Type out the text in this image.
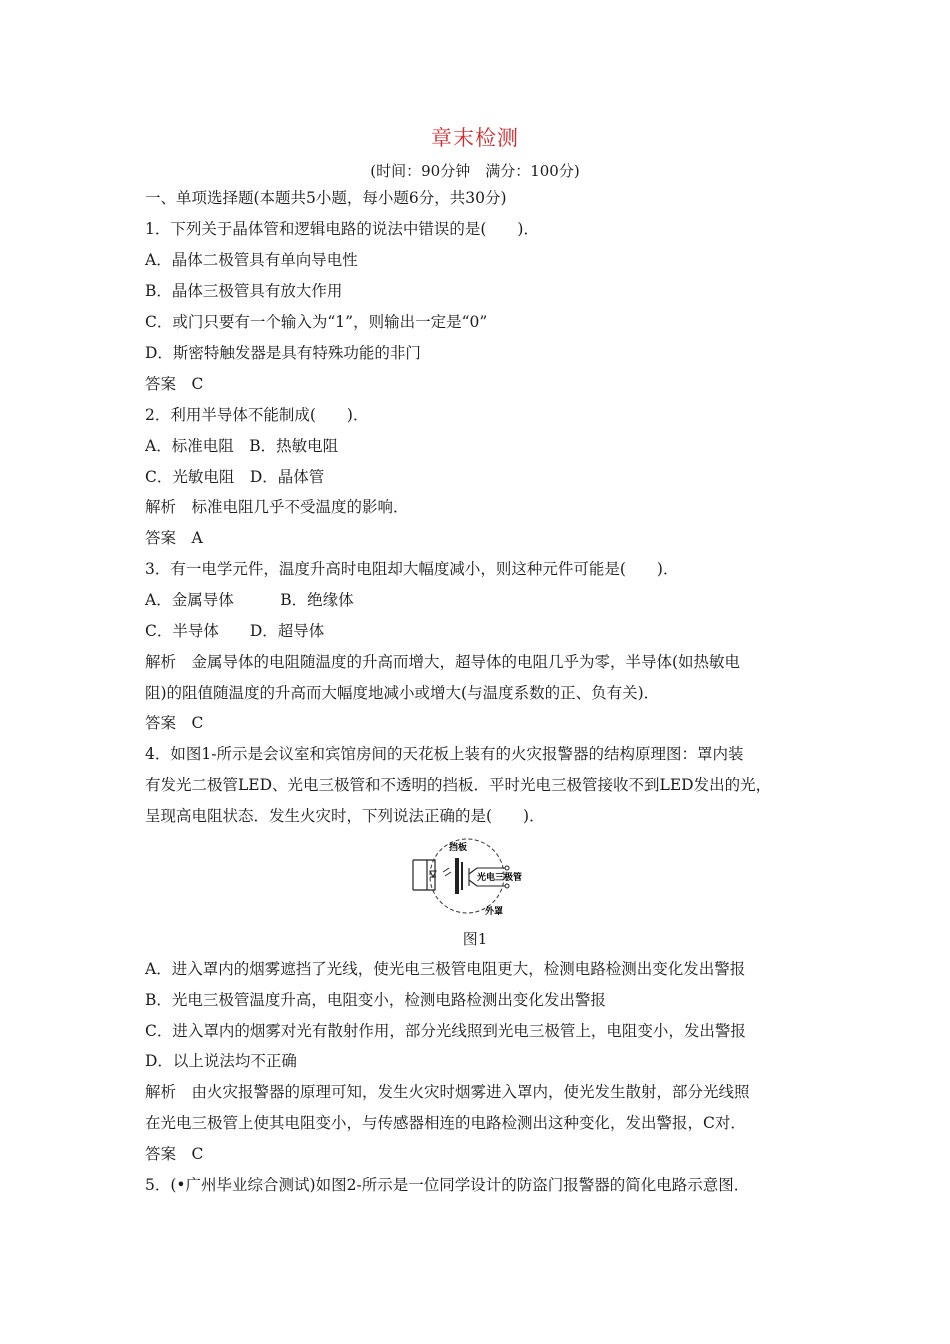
章末检测
(时间：90分钟　满分：100分)
一、单项选择题(本题共5小题，每小题6分，共30分)
1．下列关于晶体管和逻辑电路的说法中错误的是(　　)．
A．晶体二极管具有单向导电性
B．晶体三极管具有放大作用
C．或门只要有一个输入为“1”，则输出一定是“0”
D．斯密特触发器是具有特殊功能的非门
答案　C
2．利用半导体不能制成(　　)．
A．标准电阻　B．热敏电阻
C．光敏电阻　D．晶体管
解析　标准电阻几乎不受温度的影响．
答案　A
3．有一电学元件，温度升高时电阻却大幅度减小，则这种元件可能是(　　)．
A．金属导体　　　B．绝缘体
C．半导体　　D．超导体
解析　金属导体的电阻随温度的升高而增大，超导体的电阻几乎为零，半导体(如热敏电
阻)的阻值随温度的升高而大幅度地减小或增大(与温度系数的正、负有关)．
答案　C
4．如图1-所示是会议室和宾馆房间的天花板上装有的火灾报警器的结构原理图：罩内装
有发光二极管LED、光电三极管和不透明的挡板．平时光电三极管接收不到LED发出的光，
呈现高电阻状态．发生火灾时，下列说法正确的是(　　)．
挡板
光电三极管
外罩
图1
A．进入罩内的烟雾遮挡了光线，使光电三极管电阻更大，检测电路检测出变化发出警报
B．光电三极管温度升高，电阻变小，检测电路检测出变化发出警报
C．进入罩内的烟雾对光有散射作用，部分光线照到光电三极管上，电阻变小，发出警报
D．以上说法均不正确
解析　由火灾报警器的原理可知，发生火灾时烟雾进入罩内，使光发生散射，部分光线照
在光电三极管上使其电阻变小，与传感器相连的电路检测出这种变化，发出警报，C对．
答案　C
5．(•广州毕业综合测试)如图2-所示是一位同学设计的防盗门报警器的简化电路示意图．
